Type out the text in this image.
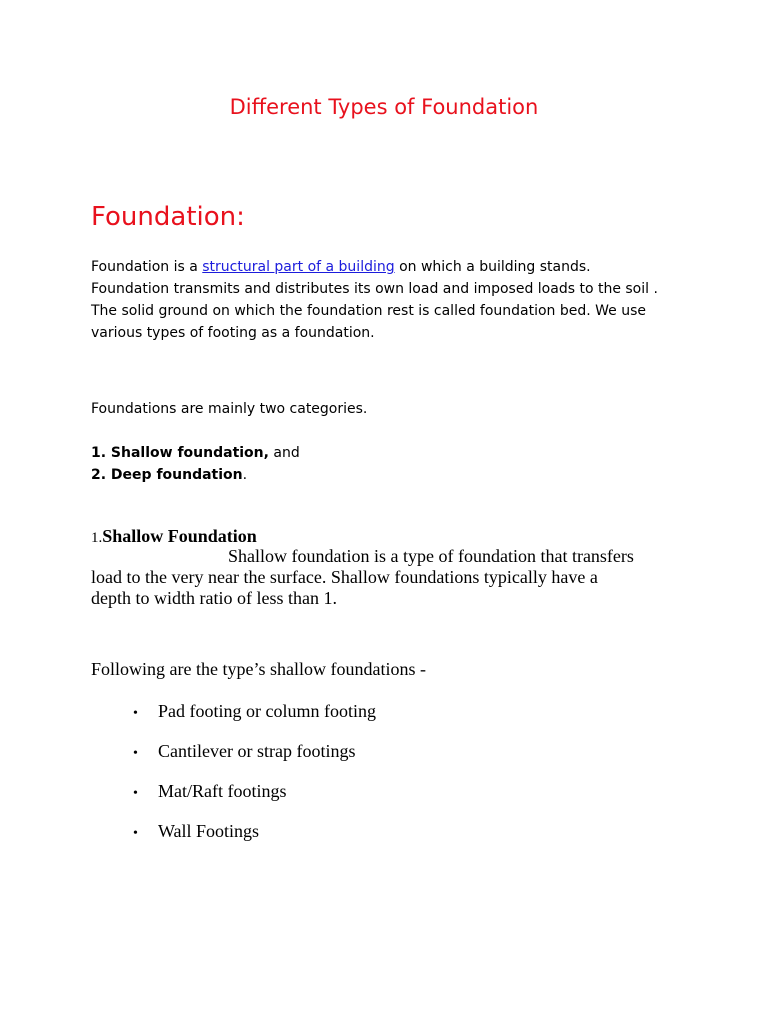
Different Types of Foundation
Foundation:

Foundation is a structural part of a building on which a building stands.
Foundation transmits and distributes its own load and imposed loads to the soil .
The solid ground on which the foundation rest is called foundation bed. We use
various types of footing as a foundation.

Foundations are mainly two categories.

1. Shallow foundation, and
2. Deep foundation.

1.Shallow Foundation

Shallow foundation is a type of foundation that transfers
load to the very near the surface. Shallow foundations typically have a
depth to width ratio of less than 1.

Following are the type’s shallow foundations -

• Pad footing or column footing
• Cantilever or strap footings
• Mat/Raft footings
• Wall Footings
